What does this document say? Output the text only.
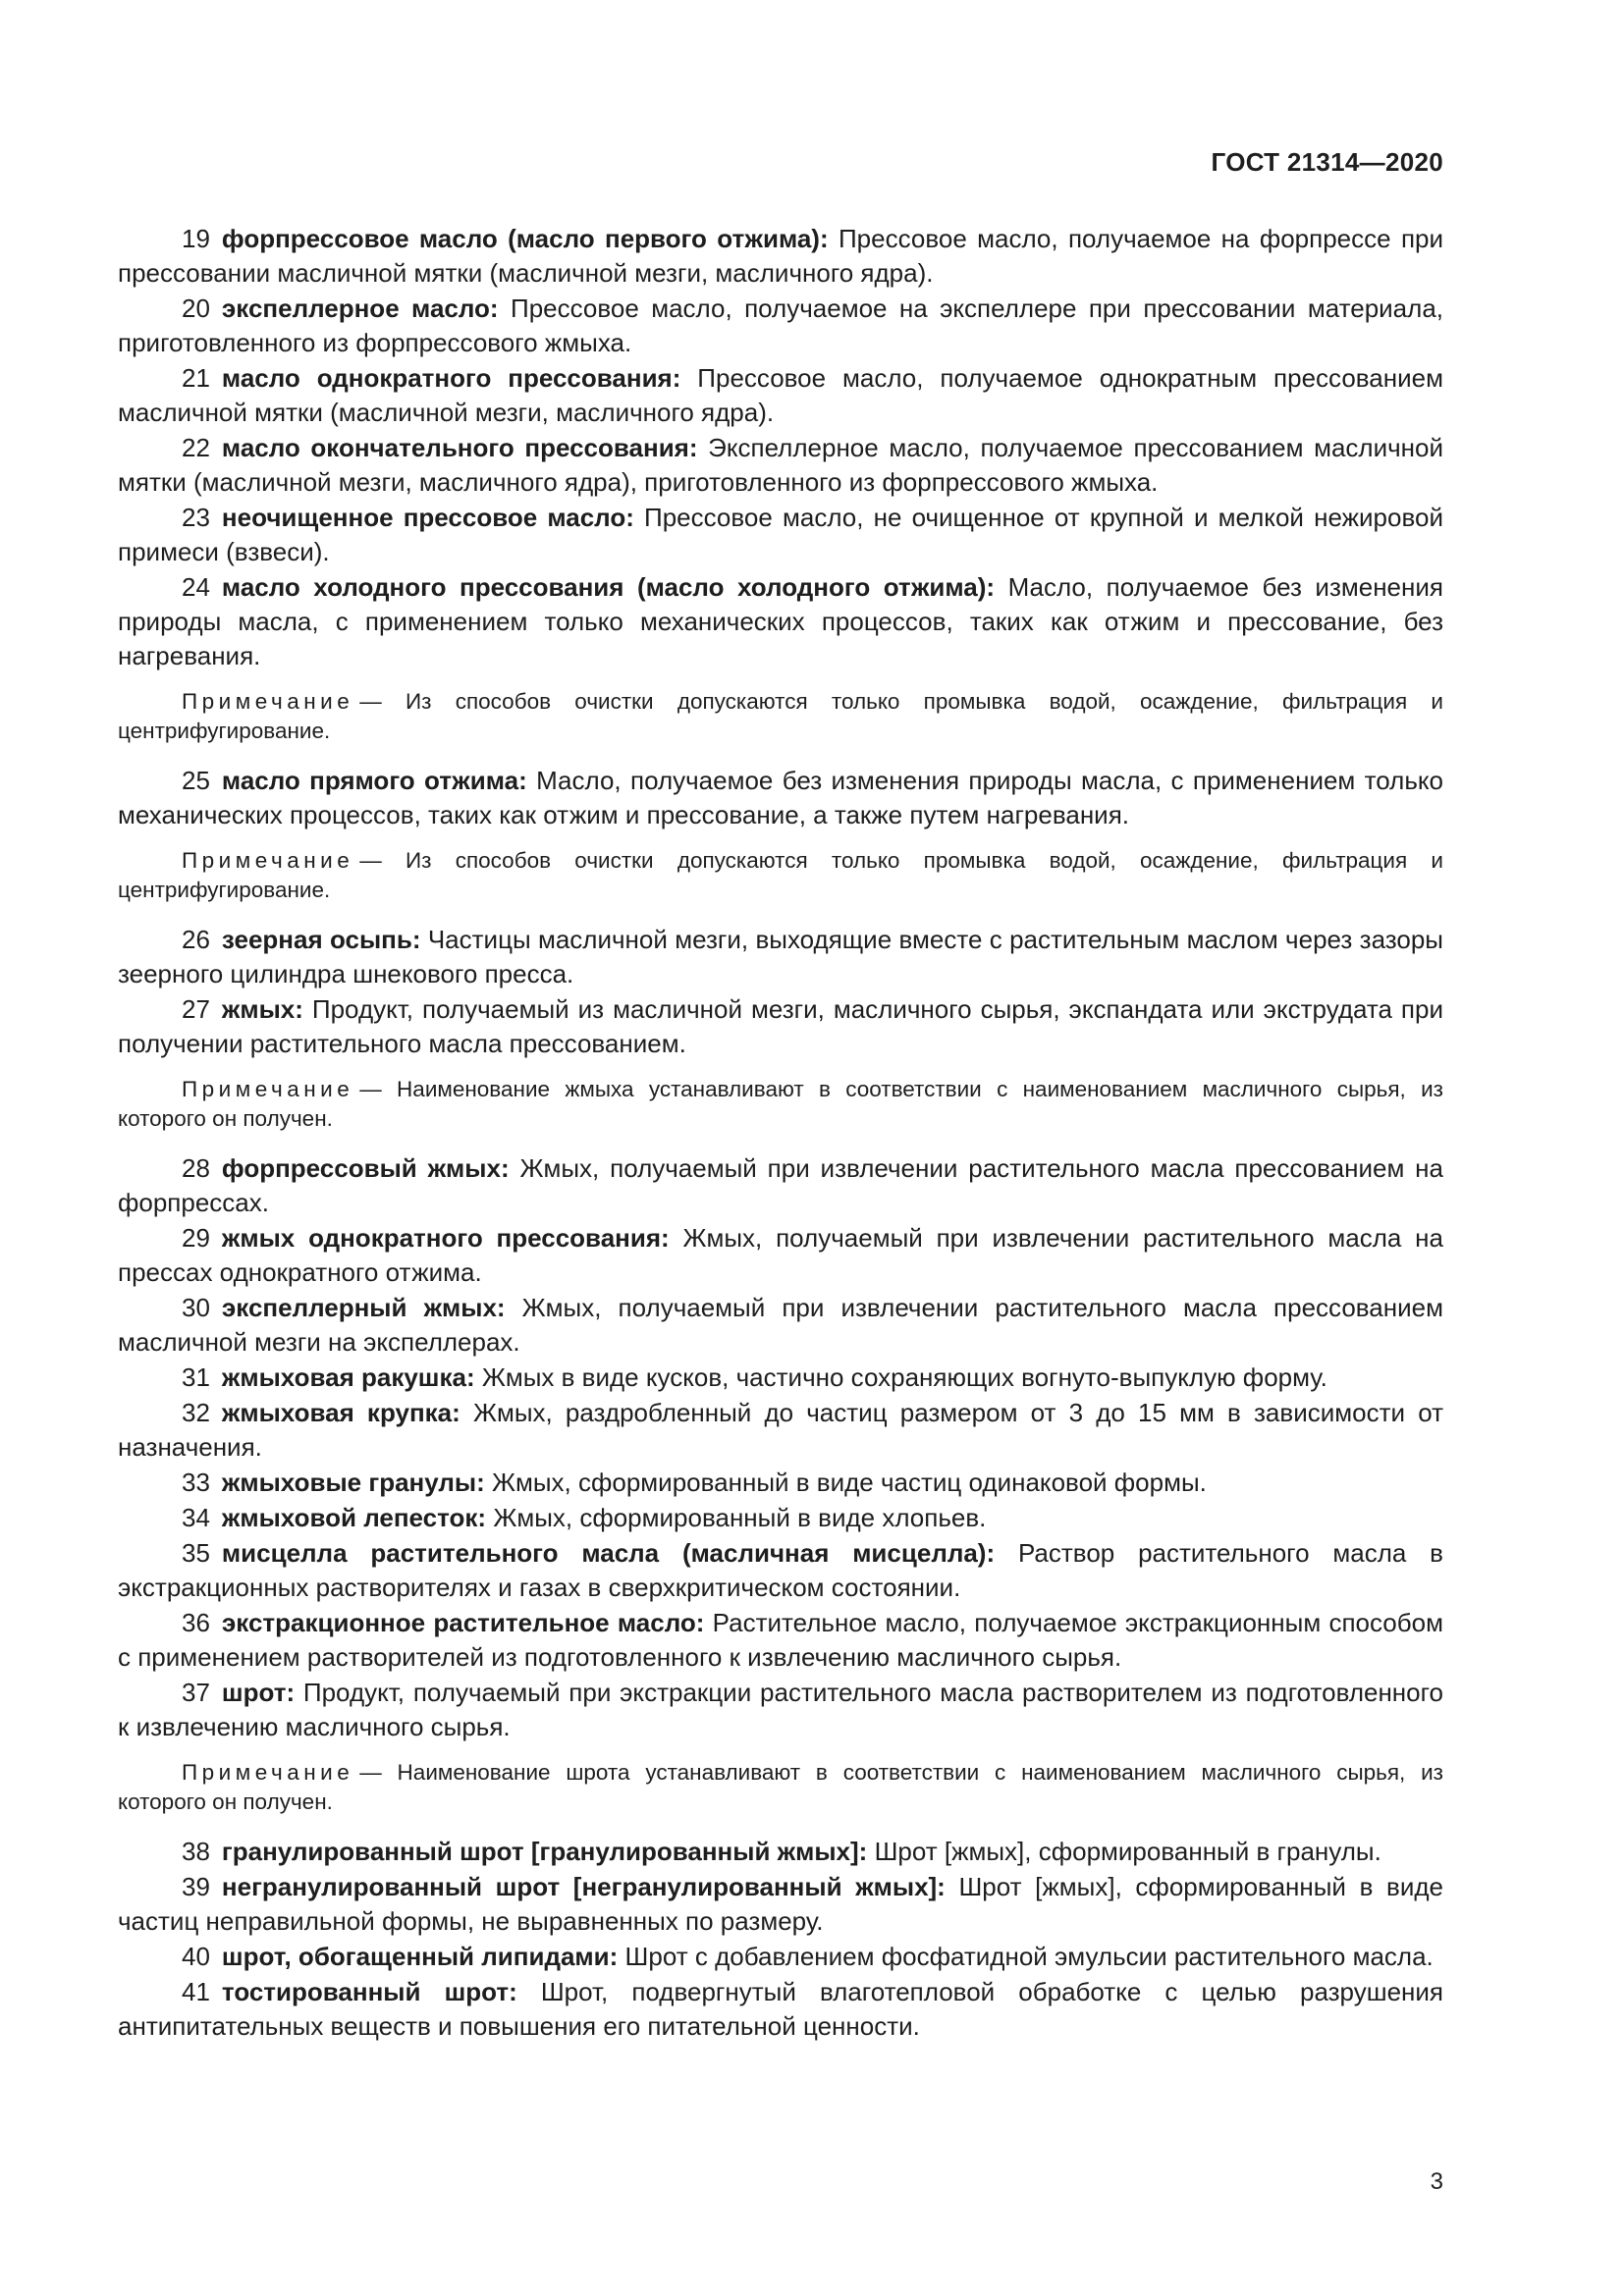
ГОСТ 21314—2020

19 форпрессовое масло (масло первого отжима): Прессовое масло, получаемое на форпрессе при прессовании масличной мятки (масличной мезги, масличного ядра).

20 экспеллерное масло: Прессовое масло, получаемое на экспеллере при прессовании материала, приготовленного из форпрессового жмыха.

21 масло однократного прессования: Прессовое масло, получаемое однократным прессованием масличной мятки (масличной мезги, масличного ядра).

22 масло окончательного прессования: Экспеллерное масло, получаемое прессованием масличной мятки (масличной мезги, масличного ядра), приготовленного из форпрессового жмыха.

23 неочищенное прессовое масло: Прессовое масло, не очищенное от крупной и мелкой нежировой примеси (взвеси).

24 масло холодного прессования (масло холодного отжима): Масло, получаемое без изменения природы масла, с применением только механических процессов, таких как отжим и прессование, без нагревания.

Примечание — Из способов очистки допускаются только промывка водой, осаждение, фильтрация и центрифугирование.

25 масло прямого отжима: Масло, получаемое без изменения природы масла, с применением только механических процессов, таких как отжим и прессование, а также путем нагревания.

Примечание — Из способов очистки допускаются только промывка водой, осаждение, фильтрация и центрифугирование.

26 зеерная осыпь: Частицы масличной мезги, выходящие вместе с растительным маслом через зазоры зеерного цилиндра шнекового пресса.

27 жмых: Продукт, получаемый из масличной мезги, масличного сырья, экспандата или экструдата при получении растительного масла прессованием.

Примечание — Наименование жмыха устанавливают в соответствии с наименованием масличного сырья, из которого он получен.

28 форпрессовый жмых: Жмых, получаемый при извлечении растительного масла прессованием на форпрессах.

29 жмых однократного прессования: Жмых, получаемый при извлечении растительного масла на прессах однократного отжима.

30 экспеллерный жмых: Жмых, получаемый при извлечении растительного масла прессованием масличной мезги на экспеллерах.

31 жмыховая ракушка: Жмых в виде кусков, частично сохраняющих вогнуто-выпуклую форму.

32 жмыховая крупка: Жмых, раздробленный до частиц размером от 3 до 15 мм в зависимости от назначения.

33 жмыховые гранулы: Жмых, сформированный в виде частиц одинаковой формы.

34 жмыховой лепесток: Жмых, сформированный в виде хлопьев.

35 мисцелла растительного масла (масличная мисцелла): Раствор растительного масла в экстракционных растворителях и газах в сверхкритическом состоянии.

36 экстракционное растительное масло: Растительное масло, получаемое экстракционным способом с применением растворителей из подготовленного к извлечению масличного сырья.

37 шрот: Продукт, получаемый при экстракции растительного масла растворителем из подготовленного к извлечению масличного сырья.

Примечание — Наименование шрота устанавливают в соответствии с наименованием масличного сырья, из которого он получен.

38 гранулированный шрот [гранулированный жмых]: Шрот [жмых], сформированный в гранулы.

39 негранулированный шрот [негранулированный жмых]: Шрот [жмых], сформированный в виде частиц неправильной формы, не выравненных по размеру.

40 шрот, обогащенный липидами: Шрот с добавлением фосфатидной эмульсии растительного масла.

41 тостированный шрот: Шрот, подвергнутый влаготепловой обработке с целью разрушения антипитательных веществ и повышения его питательной ценности.

3
